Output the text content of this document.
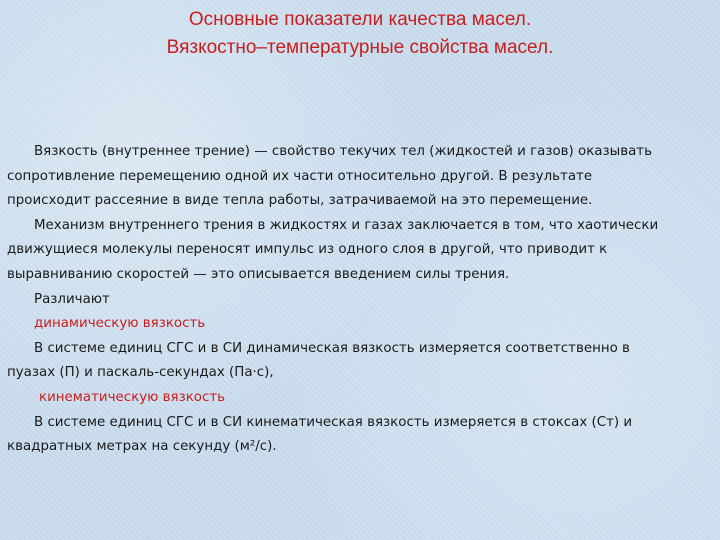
Основные показатели качества масел.
Вязкостно–температурные свойства масел.

Вязкость (внутреннее трение) — свойство текучих тел (жидкостей и газов) оказывать

сопротивление перемещению одной их части относительно другой. В результате

происходит рассеяние в виде тепла работы, затрачиваемой на это перемещение.

Механизм внутреннего трения в жидкостях и газах заключается в том, что хаотически

движущиеся молекулы переносят импульс из одного слоя в другой, что приводит к

выравниванию скоростей — это описывается введением силы трения.

Различают

динамическую вязкость

В системе единиц СГС и в СИ динамическая вязкость измеряется соответственно в

пуазах (П) и паскаль-секундах (Па·с),

кинематическую вязкость

В системе единиц СГС и в СИ кинематическая вязкость измеряется в стоксах (Ст) и

квадратных метрах на секунду (м²/с).
